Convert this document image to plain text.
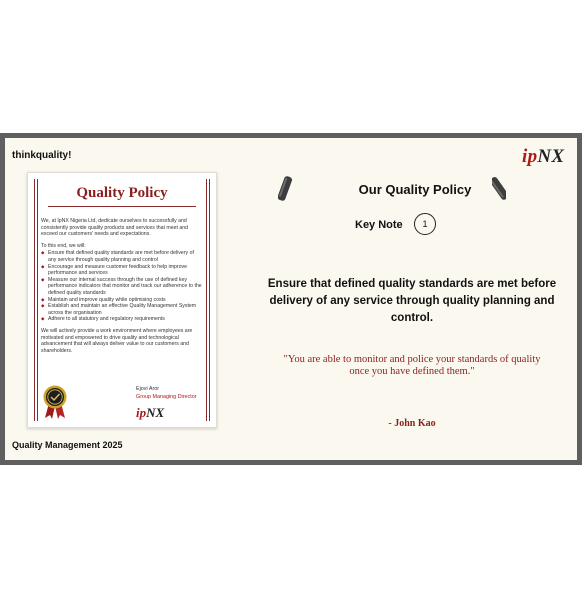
thinkquality!	ipNX
Quality Policy

We, at IpNX Nigeria Ltd, dedicate ourselves to successfully and consistently provide quality products and services that meet and exceed our customers' needs and expectations.

To this end, we will:

◆ Ensure that defined quality standards are met before delivery of any service through quality planning and control
◆ Encourage and measure customer feedback to help improve performance and services
◆ Measure our internal success through the use of defined key performance indicators that monitor and track our adherence to the defined quality standards
◆ Maintain and improve quality while optimising costs
◆ Establish and maintain an effective Quality Management System across the organisation
◆ Adhere to all statutory and regulatory requirements

We will actively provide a work environment where employees are motivated and empowered to drive quality and technological advancement that will always deliver value to our customers and shareholders.

Ejovi Aror
Group Managing Director
ipNX
Our Quality Policy
Key Note	1
Ensure that defined quality standards are met before delivery of any service through quality planning and control.
"You are able to monitor and police your standards of quality once you have defined them."
- John Kao
Quality Management 2025
